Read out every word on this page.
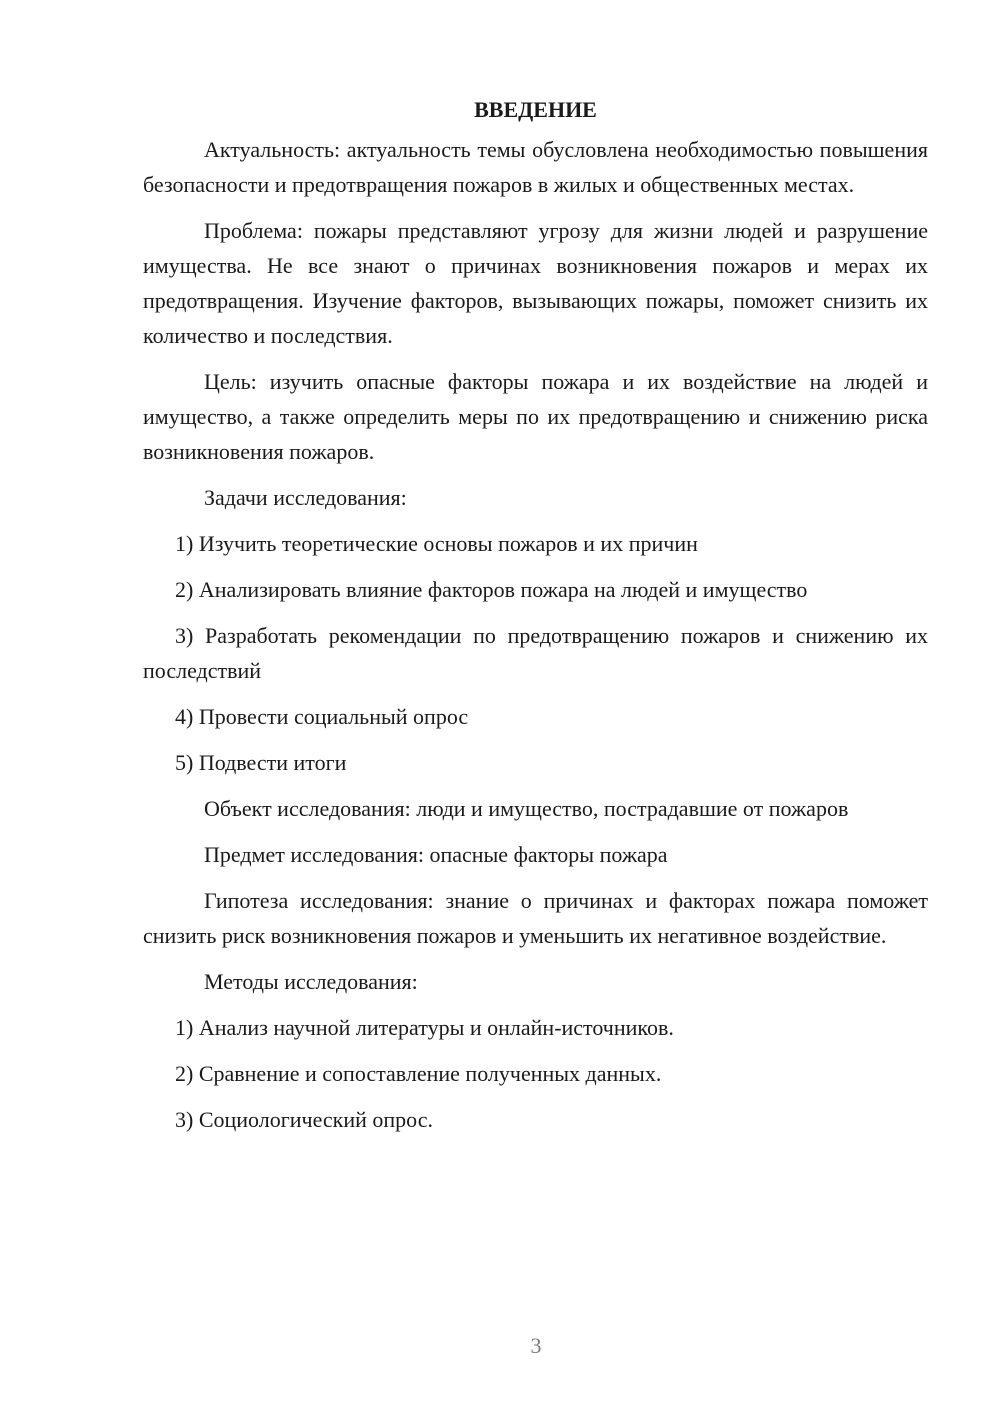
ВВЕДЕНИЕ

Актуальность: актуальность темы обусловлена необходимостью повышения безопасности и предотвращения пожаров в жилых и общественных местах.

Проблема: пожары представляют угрозу для жизни людей и разрушение имущества. Не все знают о причинах возникновения пожаров и мерах их предотвращения. Изучение факторов, вызывающих пожары, поможет снизить их количество и последствия.

Цель: изучить опасные факторы пожара и их воздействие на людей и имущество, а также определить меры по их предотвращению и снижению риска возникновения пожаров.

Задачи исследования:

1) Изучить теоретические основы пожаров и их причин

2) Анализировать влияние факторов пожара на людей и имущество

3) Разработать рекомендации по предотвращению пожаров и снижению их последствий

4) Провести социальный опрос

5) Подвести итоги

Объект исследования: люди и имущество, пострадавшие от пожаров

Предмет исследования: опасные факторы пожара

Гипотеза исследования: знание о причинах и факторах пожара поможет снизить риск возникновения пожаров и уменьшить их негативное воздействие.

Методы исследования:

1) Анализ научной литературы и онлайн-источников.

2) Сравнение и сопоставление полученных данных.

3) Социологический опрос.

3
